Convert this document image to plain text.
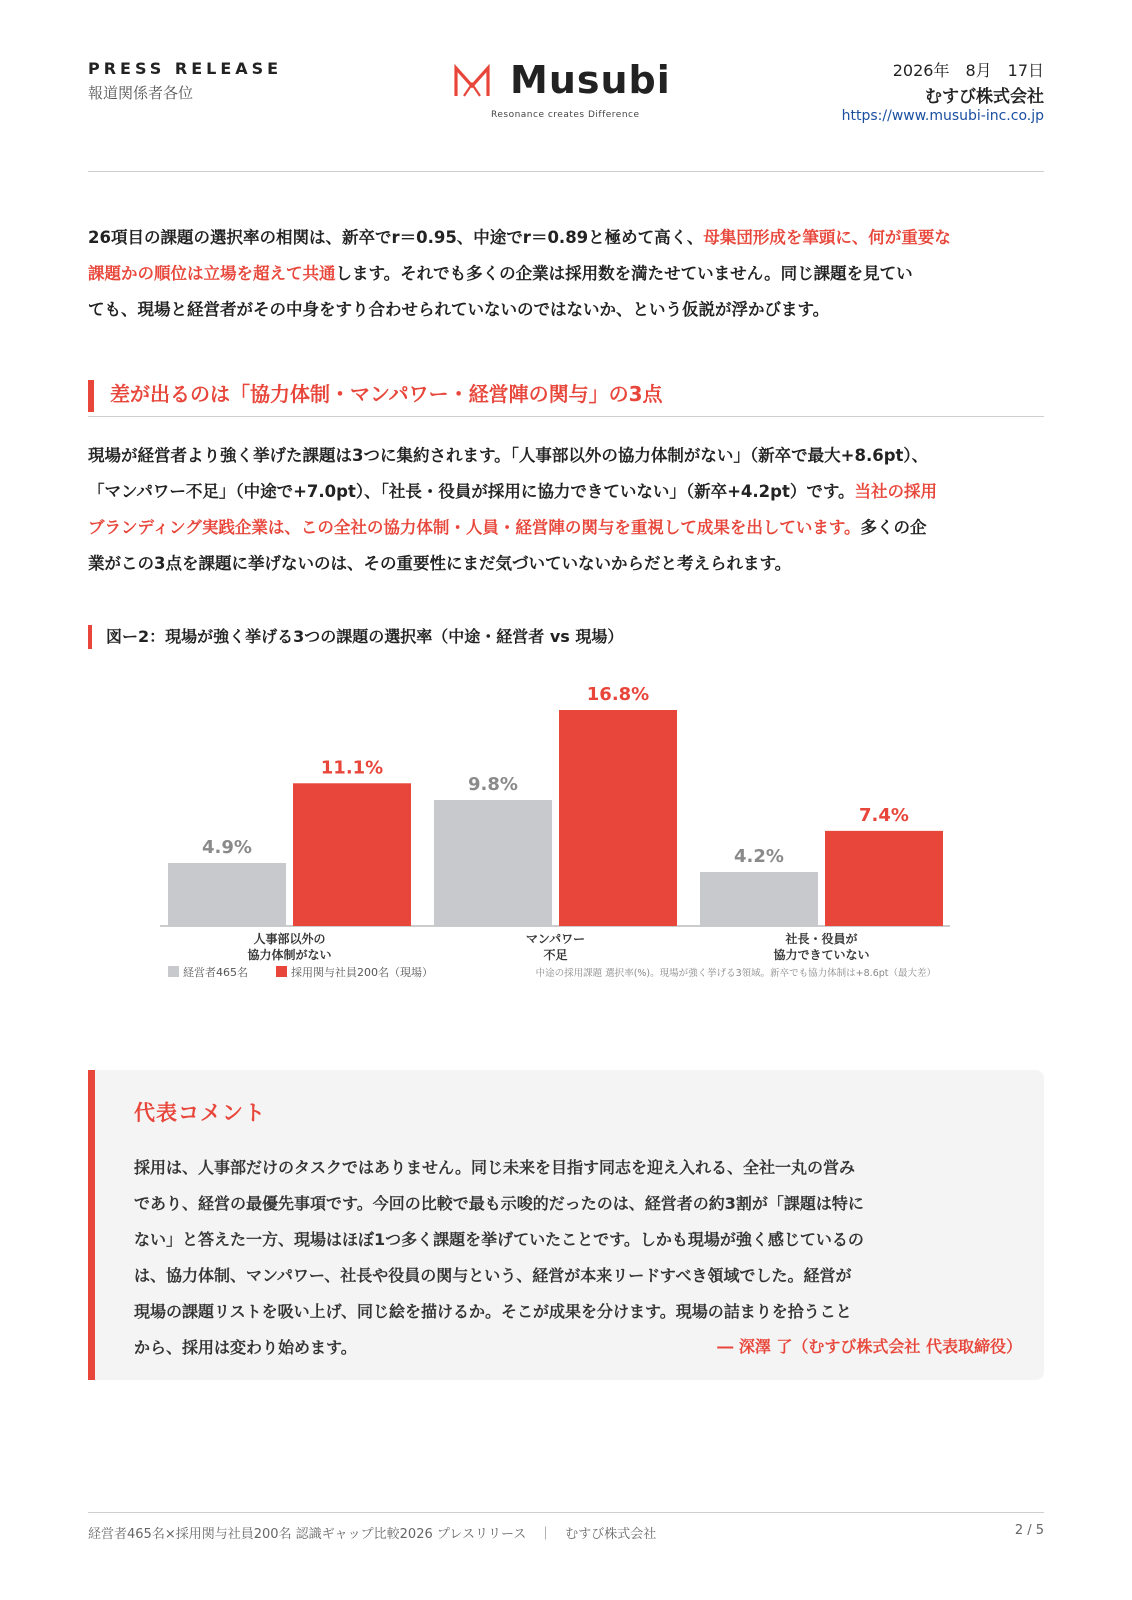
PRESS RELEASE
報道関係者各位	Musubi
Resonance creates Difference
2026年　8月　17日
むすび株式会社
https://www.musubi-inc.co.jp
26項目の課題の選択率の相関は、新卒でr＝0.95、中途でr＝0.89と極めて高く、母集団形成を筆頭に、何が重要な
課題かの順位は立場を超えて共通します。それでも多くの企業は採用数を満たせていません。同じ課題を見てい
ても、現場と経営者がその中身をすり合わせられていないのではないか、という仮説が浮かびます。
差が出るのは「協力体制・マンパワー・経営陣の関与」の3点
現場が経営者より強く挙げた課題は3つに集約されます。「人事部以外の協力体制がない」（新卒で最大+8.6pt）、
「マンパワー不足」（中途で+7.0pt）、「社長・役員が採用に協力できていない」（新卒+4.2pt）です。当社の採用
ブランディング実践企業は、この全社の協力体制・人員・経営陣の関与を重視して成果を出しています。多くの企
業がこの3点を課題に挙げないのは、その重要性にまだ気づいていないからだと考えられます。
図ー2：現場が強く挙げる3つの課題の選択率（中途・経営者 vs 現場）
4.9%
11.1%
人事部以外の
協力体制がない
9.8%
16.8%
マンパワー
不足
4.2%
7.4%
社長・役員が
協力できていない
経営者465名	採用関与社員200名（現場）	中途の採用課題 選択率(%)。現場が強く挙げる3領域。新卒でも協力体制は+8.6pt（最大差）
代表コメント
採用は、人事部だけのタスクではありません。同じ未来を目指す同志を迎え入れる、全社一丸の営み
であり、経営の最優先事項です。今回の比較で最も示唆的だったのは、経営者の約3割が「課題は特に
ない」と答えた一方、現場はほぼ1つ多く課題を挙げていたことです。しかも現場が強く感じているの
は、協力体制、マンパワー、社長や役員の関与という、経営が本来リードすべき領域でした。経営が
現場の課題リストを吸い上げ、同じ絵を描けるか。そこが成果を分けます。現場の詰まりを拾うこと
から、採用は変わり始めます。	― 深澤 了（むすび株式会社 代表取締役）
経営者465名×採用関与社員200名 認識ギャップ比較2026 プレスリリース　｜　むすび株式会社	2 / 5
